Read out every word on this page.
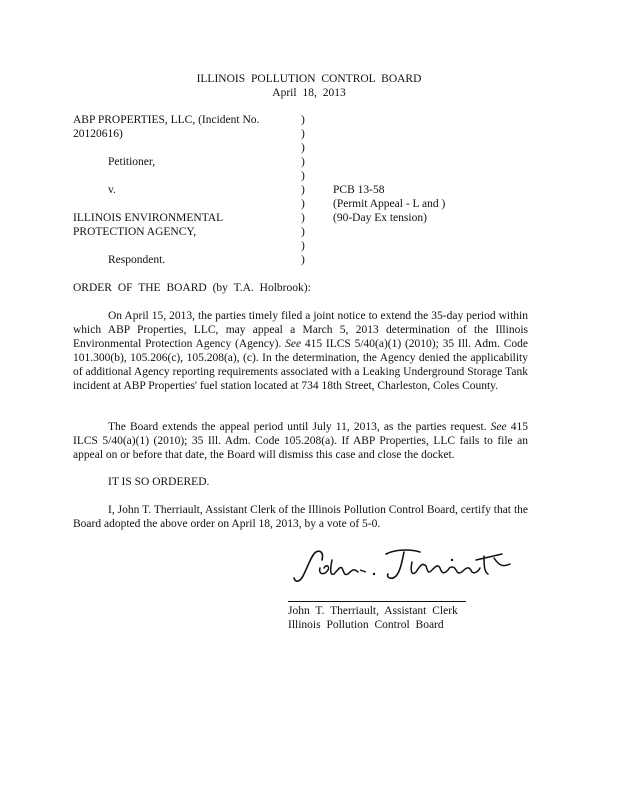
ILLINOIS POLLUTION CONTROL BOARD
April 18, 2013
ABP PROPERTIES, LLC, (Incident No.
20120616)
Petitioner,
v.
ILLINOIS ENVIRONMENTAL
PROTECTION AGENCY,
Respondent.
)
)
)
)
)
)
)
)
)
)
)
PCB 13-58
(Permit Appeal - L and )
(90-Day Ex tension)
ORDER OF THE BOARD (by T.A. Holbrook):
On April 15, 2013, the parties timely filed a joint notice to extend the 35-day period within which ABP Properties, LLC, may appeal a March 5, 2013 determination of the Illinois Environmental Protection Agency (Agency). See 415 ILCS 5/40(a)(1) (2010); 35 Ill. Adm. Code 101.300(b), 105.206(c), 105.208(a), (c). In the determination, the Agency denied the applicability of additional Agency reporting requirements associated with a Leaking Underground Storage Tank incident at ABP Properties' fuel station located at 734 18th Street, Charleston, Coles County.
The Board extends the appeal period until July 11, 2013, as the parties request. See 415 ILCS 5/40(a)(1) (2010); 35 Ill. Adm. Code 105.208(a). If ABP Properties, LLC fails to file an appeal on or before that date, the Board will dismiss this case and close the docket.
IT IS SO ORDERED.
I, John T. Therriault, Assistant Clerk of the Illinois Pollution Control Board, certify that the Board adopted the above order on April 18, 2013, by a vote of 5-0.
John T. Therriault, Assistant Clerk
Illinois Pollution Control Board
